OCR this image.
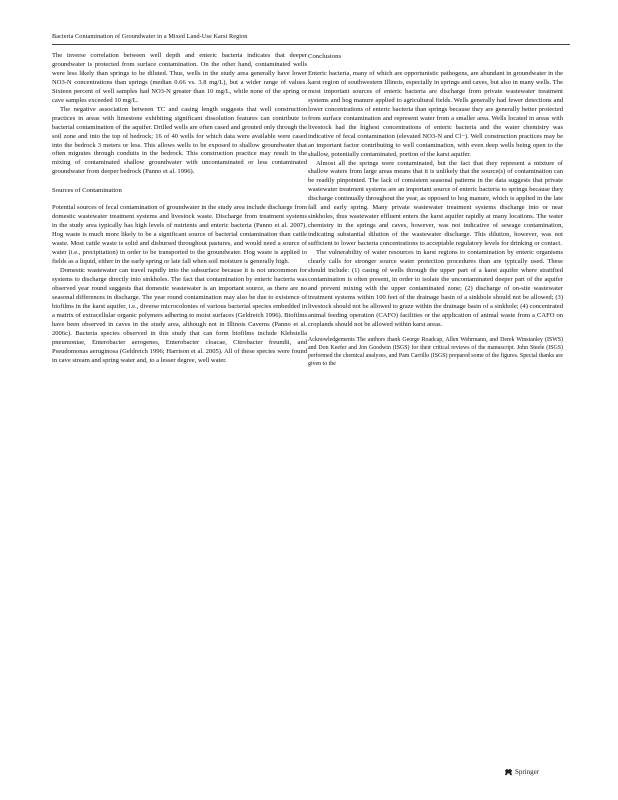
Bacteria Contamination of Groundwater in a Mixed Land-Use Karst Region

The inverse correlation between well depth and enteric bacteria indicates that deeper groundwater is protected from surface contamination. On the other hand, contaminated wells were less likely than springs to be diluted. Thus, wells in the study area generally have lower NO3-N concentrations than springs (median 0.66 vs. 3.8 mg/L), but a wider range of values. Sixteen percent of well samples had NO3-N greater than 10 mg/L, while none of the spring or cave samples exceeded 10 mg/L.

The negative association between TC and casing length suggests that well construction practices in areas with limestone exhibiting significant dissolution features can contribute to bacterial contamination of the aquifer. Drilled wells are often cased and grouted only through the soil zone and into the top of bedrock; 16 of 40 wells for which data were available were cased into the bedrock 3 meters or less. This allows wells to be exposed to shallow groundwater that often migrates through conduits in the bedrock. This construction practice may result in the mixing of contaminated shallow groundwater with uncontaminated or less contaminated groundwater from deeper bedrock (Panno et al. 1996).

Sources of Contamination

Potential sources of fecal contamination of groundwater in the study area include discharge from domestic wastewater treatment systems and livestock waste. Discharge from treatment systems in the study area typically has high levels of nutrients and enteric bacteria (Panno et al. 2007). Hog waste is much more likely to be a significant source of bacterial contamination than cattle waste. Most cattle waste is solid and disbursed throughout pastures, and would need a source of water (i.e., precipitation) in order to be transported to the groundwater. Hog waste is applied to fields as a liquid, either in the early spring or late fall when soil moisture is generally high.

Domestic wastewater can travel rapidly into the subsurface because it is not uncommon for systems to discharge directly into sinkholes. The fact that contamination by enteric bacteria was observed year round suggests that domestic wastewater is an important source, as there are no seasonal differences in discharge. The year round contamination may also be due to existence of biofilms in the karst aquifer, i.e., diverse microcolonies of various bacterial species embedded in a matrix of extracellular organic polymers adhering to moist surfaces (Geldreich 1996). Biofilms have been observed in caves in the study area, although not in Illinois Caverns (Panno et al. 2006c). Bacteria species observed in this study that can form biofilms include Klebsiella pneumoniae, Enterobacter aerogenes, Enterobacter cloacae, Citrobacter freundii, and Pseudomonas aeruginosa (Geldreich 1996; Harrison et al. 2005). All of these species were found in cave stream and spring water and, to a lesser degree, well water.

Conclusions

Enteric bacteria, many of which are opportunistic pathogens, are abundant in groundwater in the karst region of southwestern Illinois, especially in springs and caves, but also in many wells. The most important sources of enteric bacteria are discharge from private wastewater treatment systems and hog manure applied to agricultural fields. Wells generally had fewer detections and lower concentrations of enteric bacteria than springs because they are generally better protected from surface contamination and represent water from a smaller area. Wells located in areas with livestock had the highest concentrations of enteric bacteria and the water chemistry was indicative of fecal contamination (elevated NO3-N and Cl−). Well construction practices may be an important factor contributing to well contamination, with even deep wells being open to the shallow, potentially contaminated, portion of the karst aquifer.

Almost all the springs were contaminated, but the fact that they represent a mixture of shallow waters from large areas means that it is unlikely that the source(s) of contamination can be readily pinpointed. The lack of consistent seasonal patterns in the data suggests that private wastewater treatment systems are an important source of enteric bacteria to springs because they discharge continually throughout the year, as opposed to hog manure, which is applied in the late fall and early spring. Many private wastewater treatment systems discharge into or near sinkholes, thus wastewater effluent enters the karst aquifer rapidly at many locations. The water chemistry in the springs and caves, however, was not indicative of sewage contamination, indicating substantial dilution of the wastewater discharge. This dilution, however, was not sufficient to lower bacteria concentrations to acceptable regulatory levels for drinking or contact.

The vulnerability of water resources in karst regions to contamination by enteric organisms clearly calls for stronger source water protection procedures than are typically used. These should include: (1) casing of wells through the upper part of a karst aquifer where stratified contamination is often present, in order to isolate the uncontaminated deeper part of the aquifer and prevent mixing with the upper contaminated zone; (2) discharge of on-site wastewater treatment systems within 100 feet of the drainage basin of a sinkhole should not be allowed; (3) livestock should not be allowed to graze within the drainage basin of a sinkhole; (4) concentrated animal feeding operation (CAFO) facilities or the application of animal waste from a CAFO on croplands should not be allowed within karst areas.

Acknowledgements The authors thank George Roadcap, Allen Wehrmann, and Derek Winstanley (ISWS) and Don Keefer and Jon Goodwin (ISGS) for their critical reviews of the manuscript. John Steele (ISGS) performed the chemical analyses, and Pam Carrillo (ISGS) prepared some of the figures. Special thanks are given to the

Springer
